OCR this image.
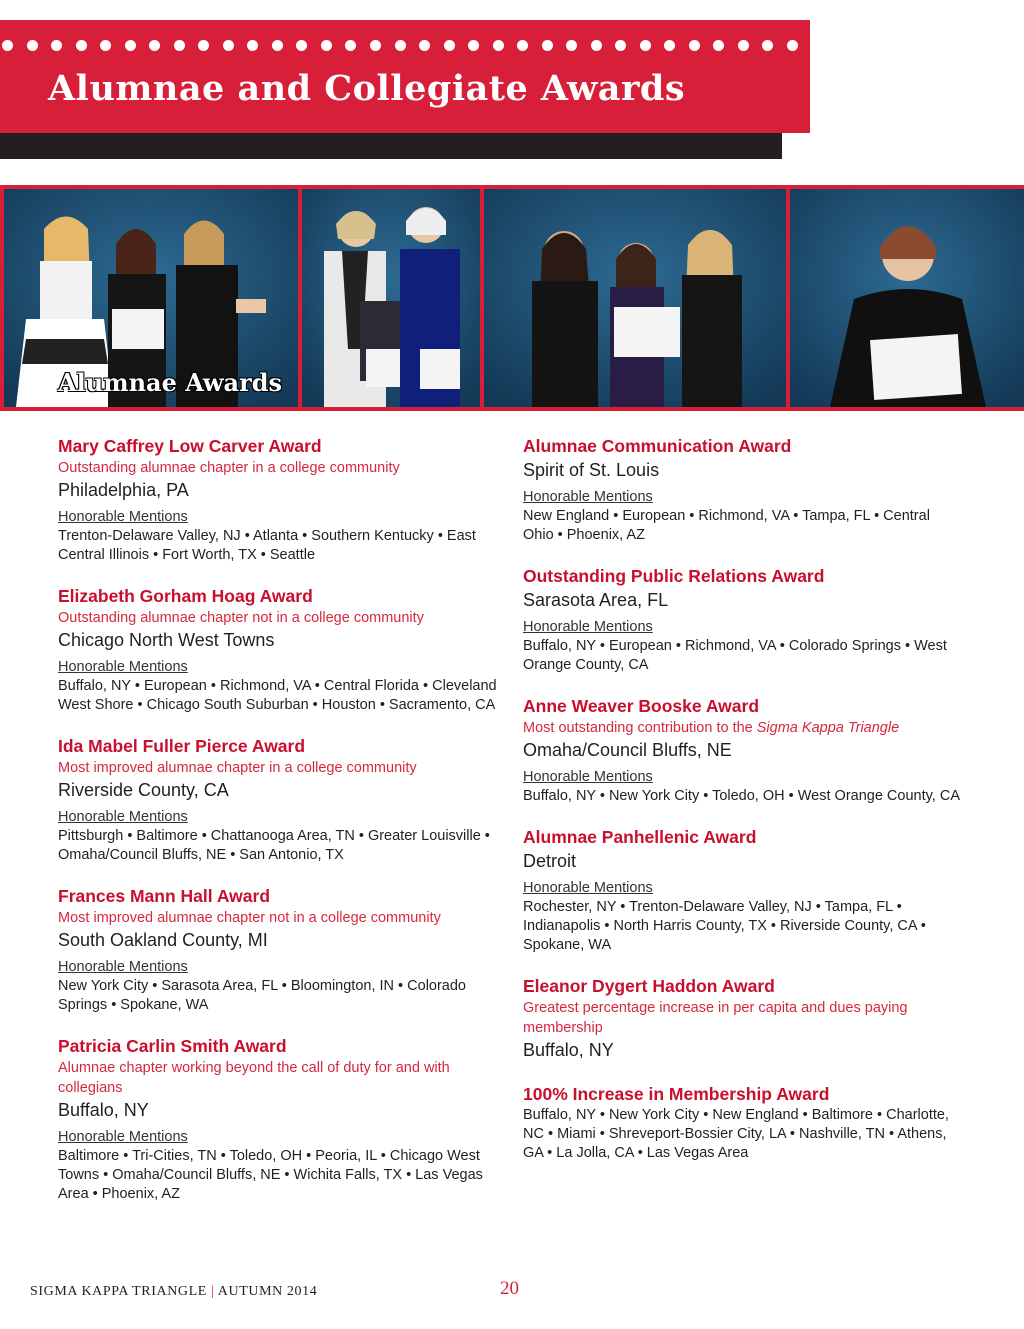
Alumnae and Collegiate Awards
Alumnae Awards
Mary Caffrey Low Carver Award
Outstanding alumnae chapter in a college community
Philadelphia, PA
Honorable Mentions
Trenton-Delaware Valley, NJ • Atlanta • Southern Kentucky • East Central Illinois • Fort Worth, TX • Seattle
Elizabeth Gorham Hoag Award
Outstanding alumnae chapter not in a college community
Chicago North West Towns
Honorable Mentions
Buffalo, NY • European • Richmond, VA • Central Florida • Cleveland West Shore • Chicago South Suburban • Houston • Sacramento, CA
Ida Mabel Fuller Pierce Award
Most improved alumnae chapter in a college community
Riverside County, CA
Honorable Mentions
Pittsburgh • Baltimore • Chattanooga Area, TN • Greater Louisville • Omaha/Council Bluffs, NE • San Antonio, TX
Frances Mann Hall Award
Most improved alumnae chapter not in a college community
South Oakland County, MI
Honorable Mentions
New York City • Sarasota Area, FL • Bloomington, IN • Colorado Springs • Spokane, WA
Patricia Carlin Smith Award
Alumnae chapter working beyond the call of duty for and with collegians
Buffalo, NY
Honorable Mentions
Baltimore • Tri-Cities, TN • Toledo, OH • Peoria, IL • Chicago West Towns • Omaha/Council Bluffs, NE • Wichita Falls, TX • Las Vegas Area • Phoenix, AZ
Alumnae Communication Award
Spirit of St. Louis
Honorable Mentions
New England • European • Richmond, VA • Tampa, FL • Central Ohio • Phoenix, AZ
Outstanding Public Relations Award
Sarasota Area, FL
Honorable Mentions
Buffalo, NY • European • Richmond, VA • Colorado Springs • West Orange County, CA
Anne Weaver Booske Award
Most outstanding contribution to the Sigma Kappa Triangle
Omaha/Council Bluffs, NE
Honorable Mentions
Buffalo, NY • New York City • Toledo, OH • West Orange County, CA
Alumnae Panhellenic Award
Detroit
Honorable Mentions
Rochester, NY • Trenton-Delaware Valley, NJ • Tampa, FL • Indianapolis • North Harris County, TX • Riverside County, CA • Spokane, WA
Eleanor Dygert Haddon Award
Greatest percentage increase in per capita and dues paying membership
Buffalo, NY
100% Increase in Membership Award
Buffalo, NY • New York City • New England • Baltimore • Charlotte, NC • Miami • Shreveport-Bossier City, LA • Nashville, TN • Athens, GA • La Jolla, CA • Las Vegas Area
SIGMA KAPPA TRIANGLE | AUTUMN 2014	20
